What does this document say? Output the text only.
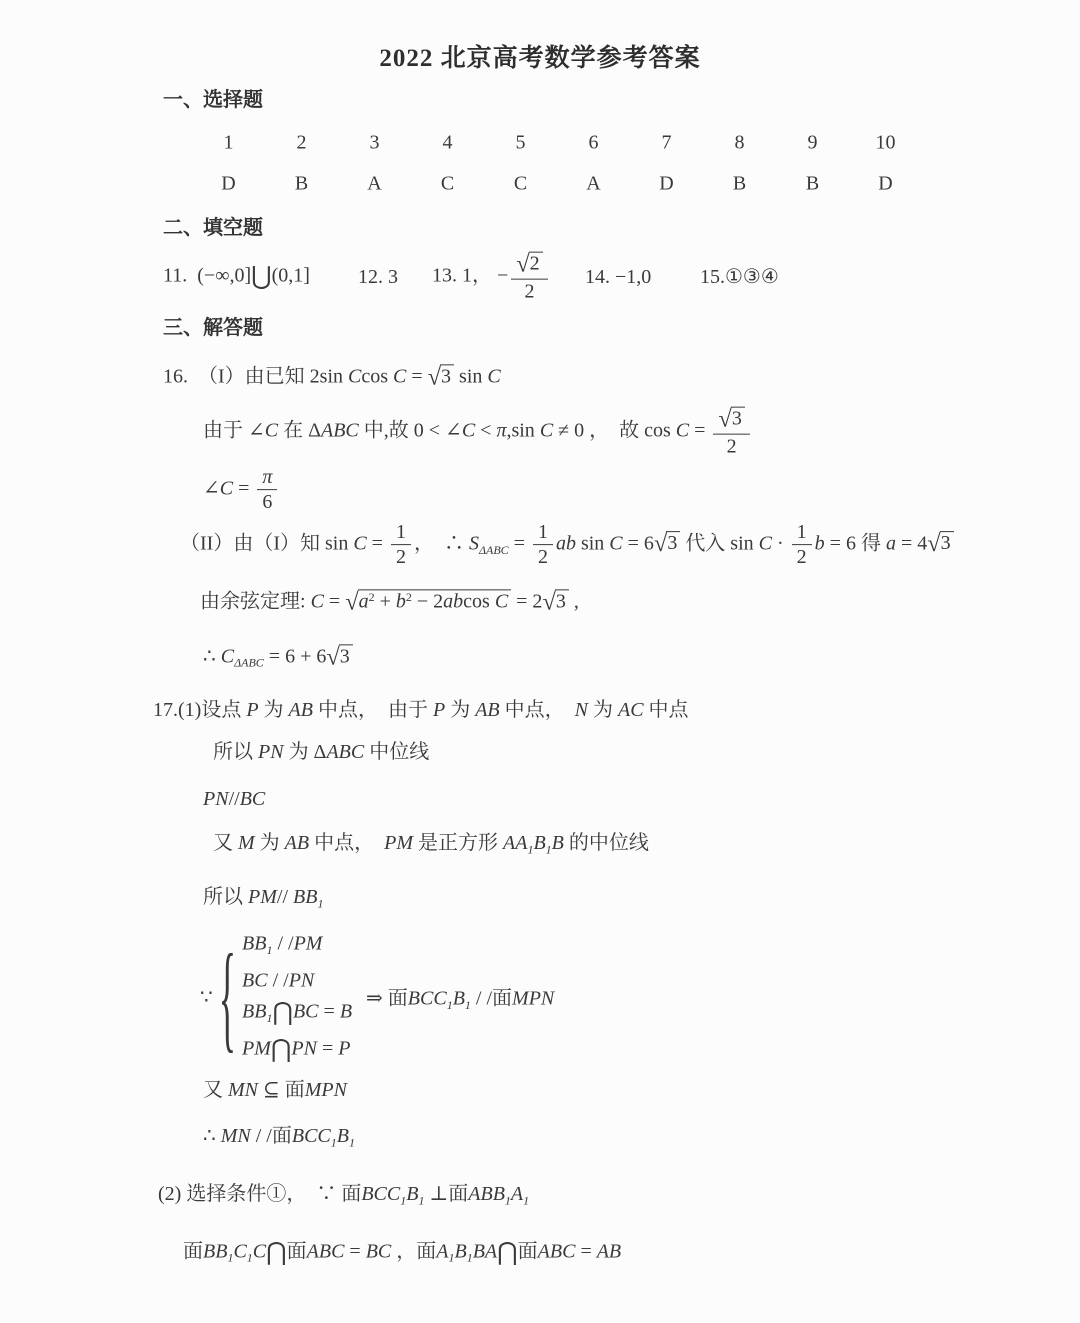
2022 北京高考数学参考答案
一、选择题
1	2	3	4	5	6	7	8	9	10
D	B	A	C	C	A	D	B	B	D
二、填空题
11.  (−∞,0]⋃(0,1] 12. 3 13. 1， − $\frac{√2}{2} 14$. −1,0 15.①③④
三、解答题
16.  （I）由已知 2sin Ccos C = √3 sin C
由于 ∠C 在 ΔABC 中,故 0 < ∠C < π,sin C ≠ 0 ，  故 $\cos C = \frac{√3}{2}$
∠C = $\frac{\pi}{6}$
（II）由（I）知 $\sin C = \frac{1}{2}$ ，  ∴ $S_{\Delta ABC} = \frac{1}{2}$ ab sin C = 6√3 代入 $\sin C \cdot \frac{1}{2}$ b = 6 得 a = 4√3
由余弦定理: $C = √a^2 + b^2 - 2abcos$ C = 2√3 ,
∴ $C_{\Delta ABC} = 6 + 6√3$
17.(1)设点 P 为 AB 中点，  由于 P 为 AB 中点，  N 为 AC 中点
所以 PN 为 ΔABC 中位线
PN//BC
又 M 为 AB 中点，  PM 是正方形 $AA_1B_1B$ 的中位线
所以 PM// $BB_1$
∵ { $BB_1 / /PM$
BC / /PN
$BB_1⋂BC = B$
PM⋂PN = P
⇒ 面$BCC_1B_1$ / /面MPN
又 MN ⊆ 面MPN
∴ MN / /面$BCC_1B_1$
(2) 选择条件①，  ∵ 面$BCC_1B_1$ ⊥面$ABB_1A_1$
面$BB_1C_1C⋂$面ABC = BC ，面$A_1B_1BA⋂$面ABC = AB
